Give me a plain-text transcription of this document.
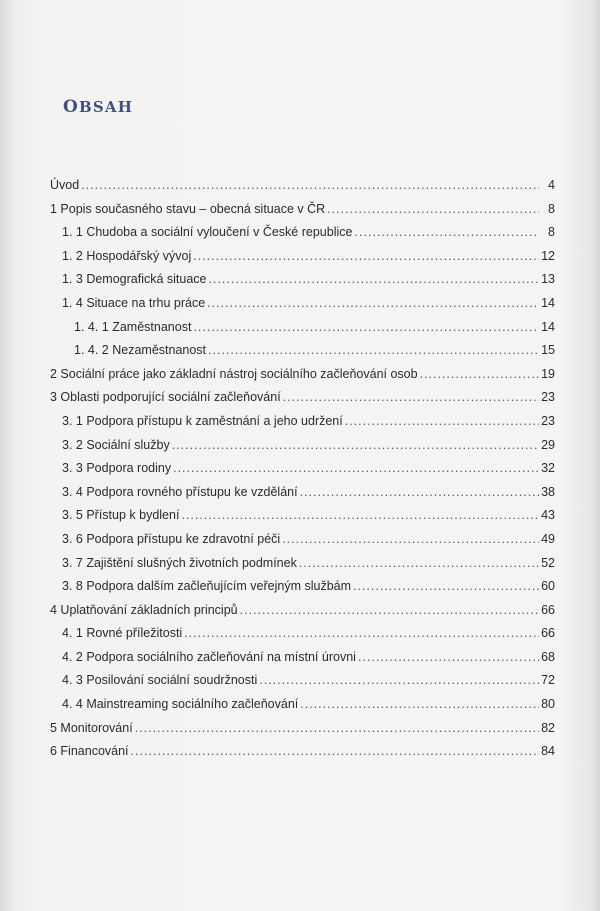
OBSAH
Úvod .....	4
1 Popis současného stavu – obecná situace v ČR .....	8
1. 1 Chudoba a sociální vyloučení v České republice .....	8
1. 2 Hospodářský vývoj .....	12
1. 3 Demografická situace .....	13
1. 4 Situace na trhu práce .....	14
1. 4. 1 Zaměstnanost .....	14
1. 4. 2 Nezaměstnanost .....	15
2 Sociální práce jako základní nástroj sociálního začleňování osob .....	19
3 Oblasti podporující sociální začleňování .....	23
3. 1 Podpora přístupu k zaměstnání a jeho udržení .....	23
3. 2 Sociální služby .....	29
3. 3 Podpora rodiny .....	32
3. 4 Podpora rovného přístupu ke vzdělání .....	38
3. 5 Přístup k bydlení .....	43
3. 6 Podpora přístupu ke zdravotní péči .....	49
3. 7 Zajištění slušných životních podmínek .....	52
3. 8 Podpora dalším začleňujícím veřejným službám .....	60
4 Uplatňování základních principů .....	66
4. 1 Rovné příležitosti .....	66
4. 2 Podpora sociálního začleňování na místní úrovni .....	68
4. 3 Posilování sociální soudržnosti .....	72
4. 4 Mainstreaming sociálního začleňování .....	80
5 Monitorování .....	82
6 Financování .....	84
